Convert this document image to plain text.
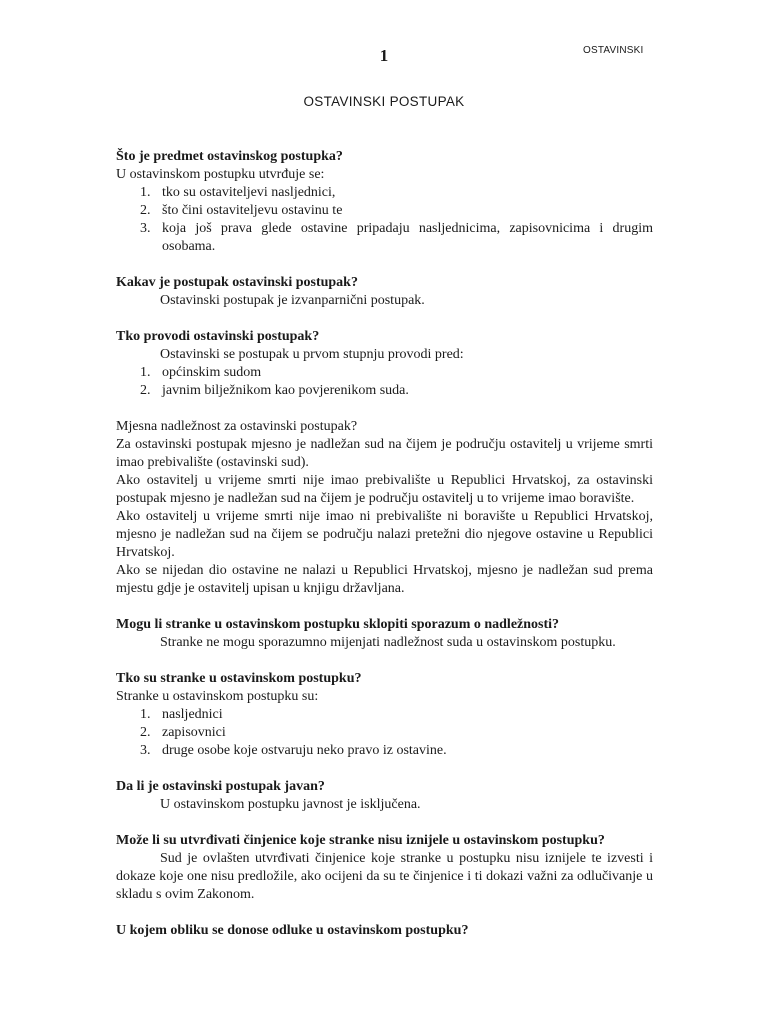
1	OSTAVINSKI
OSTAVINSKI POSTUPAK

Što je predmet ostavinskog postupka?

U ostavinskom postupku utvrđuje se:

1. tko su ostaviteljevi nasljednici,
2. što čini ostaviteljevu ostavinu te
3. koja još prava glede ostavine pripadaju nasljednicima, zapisovnicima i drugim osobama.

Kakav je postupak ostavinski postupak?

Ostavinski postupak je izvanparnični postupak.

Tko provodi ostavinski postupak?

Ostavinski se postupak u prvom stupnju provodi pred:

1. općinskim sudom
2. javnim bilježnikom kao povjerenikom suda.

Mjesna nadležnost za ostavinski postupak?

Za ostavinski postupak mjesno je nadležan sud na čijem je području ostavitelj u vrijeme smrti imao prebivalište (ostavinski sud).

Ako ostavitelj u vrijeme smrti nije imao prebivalište u Republici Hrvatskoj, za ostavinski postupak mjesno je nadležan sud na čijem je području ostavitelj u to vrijeme imao boravište.

Ako ostavitelj u vrijeme smrti nije imao ni prebivalište ni boravište u Republici Hrvatskoj, mjesno je nadležan sud na čijem se području nalazi pretežni dio njegove ostavine u Republici Hrvatskoj.

Ako se nijedan dio ostavine ne nalazi u Republici Hrvatskoj, mjesno je nadležan sud prema mjestu gdje je ostavitelj upisan u knjigu državljana.

Mogu li stranke u ostavinskom postupku sklopiti sporazum o nadležnosti?

Stranke ne mogu sporazumno mijenjati nadležnost suda u ostavinskom postupku.

Tko su stranke u ostavinskom postupku?

Stranke u ostavinskom postupku su:

1. nasljednici
2. zapisovnici
3. druge osobe koje ostvaruju neko pravo iz ostavine.

Da li je ostavinski postupak javan?

U ostavinskom postupku javnost je isključena.

Može li su utvrđivati činjenice koje stranke nisu iznijele u ostavinskom postupku?

Sud je ovlašten utvrđivati činjenice koje stranke u postupku nisu iznijele te izvesti i dokaze koje one nisu predložile, ako ocijeni da su te činjenice i ti dokazi važni za odlučivanje u skladu s ovim Zakonom.

U kojem obliku se donose odluke u ostavinskom postupku?
